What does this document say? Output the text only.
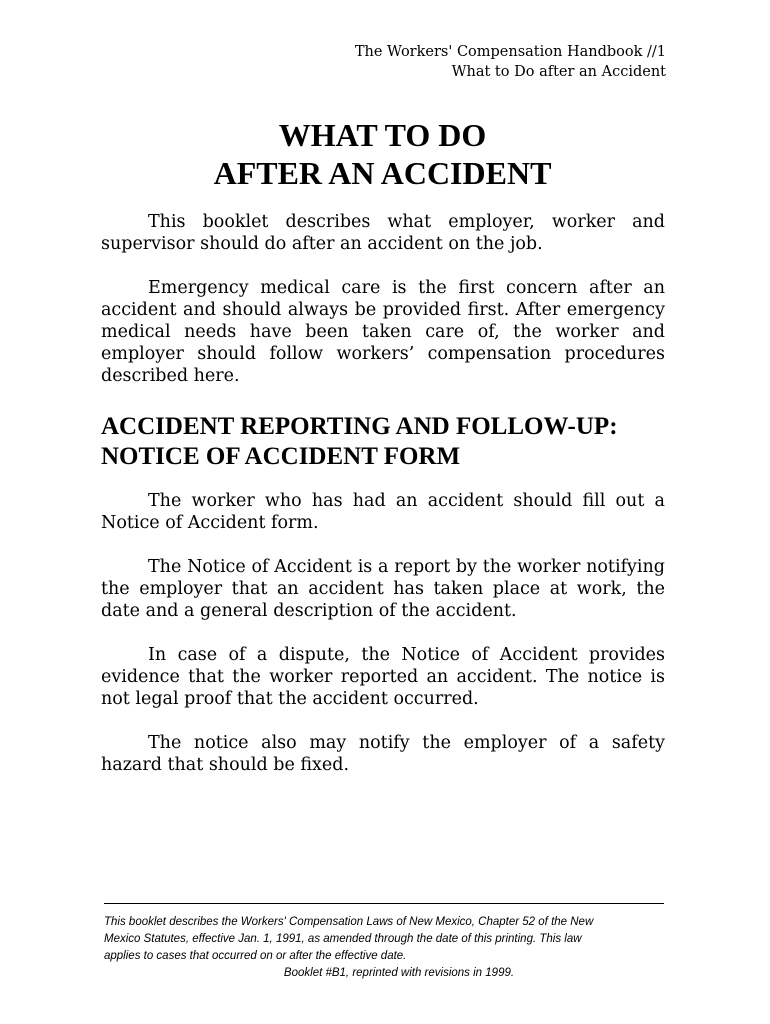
The Workers' Compensation Handbook //1
What to Do after an Accident
WHAT TO DO
AFTER AN ACCIDENT

This booklet describes what employer, worker and supervisor should do after an accident on the job.

Emergency medical care is the first concern after an accident and should always be provided first. After emergency medical needs have been taken care of, the worker and employer should follow workers’ compensation procedures described here.

ACCIDENT REPORTING AND FOLLOW-UP:
NOTICE OF ACCIDENT FORM

The worker who has had an accident should fill out a Notice of Accident form.

The Notice of Accident is a report by the worker notifying the employer that an accident has taken place at work, the date and a general description of the accident.

In case of a dispute, the Notice of Accident provides evidence that the worker reported an accident. The notice is not legal proof that the accident occurred.

The notice also may notify the employer of a safety hazard that should be fixed.

This booklet describes the Workers' Compensation Laws of New Mexico, Chapter 52 of the New
Mexico Statutes, effective Jan. 1, 1991, as amended through the date of this printing. This law
applies to cases that occurred on or after the effective date.
Booklet #B1, reprinted with revisions in 1999.
